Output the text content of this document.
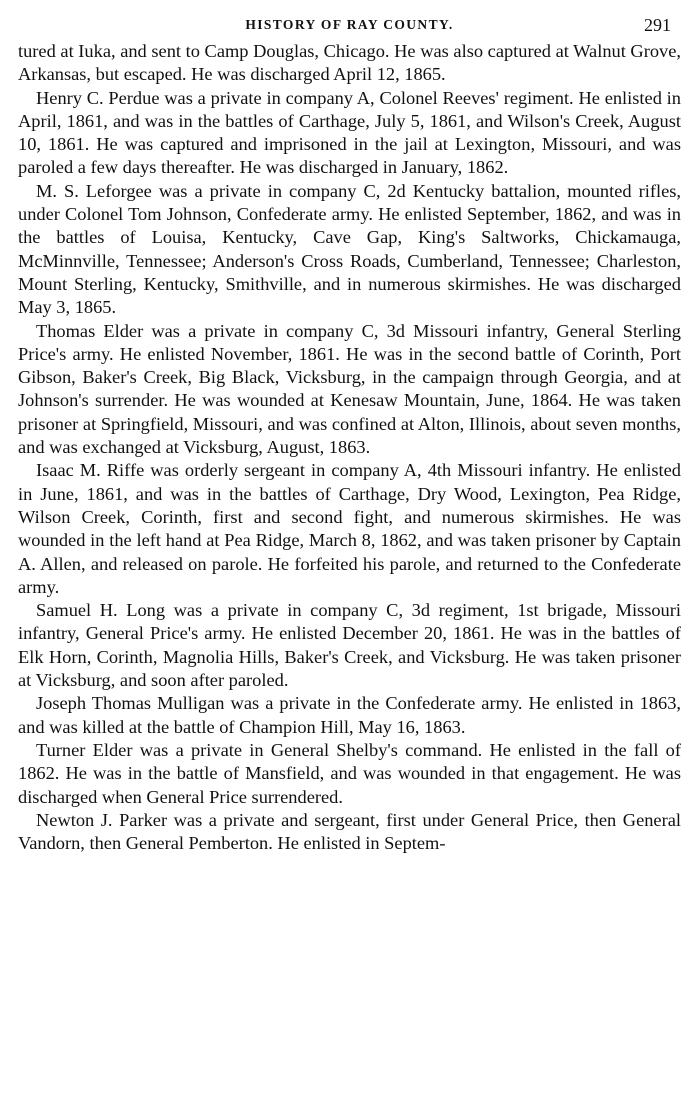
HISTORY OF RAY COUNTY.	291

tured at Iuka, and sent to Camp Douglas, Chicago. He was also captured at Walnut Grove, Arkansas, but escaped. He was discharged April 12, 1865.

Henry C. Perdue was a private in company A, Colonel Reeves' regiment. He enlisted in April, 1861, and was in the battles of Carthage, July 5, 1861, and Wilson's Creek, August 10, 1861. He was captured and imprisoned in the jail at Lexington, Missouri, and was paroled a few days thereafter. He was discharged in January, 1862.

M. S. Leforgee was a private in company C, 2d Kentucky battalion, mounted rifles, under Colonel Tom Johnson, Confederate army. He enlisted September, 1862, and was in the battles of Louisa, Kentucky, Cave Gap, King's Saltworks, Chickamauga, McMinnville, Tennessee; Anderson's Cross Roads, Cumberland, Tennessee; Charleston, Mount Sterling, Kentucky, Smithville, and in numerous skirmishes. He was discharged May 3, 1865.

Thomas Elder was a private in company C, 3d Missouri infantry, General Sterling Price's army. He enlisted November, 1861. He was in the second battle of Corinth, Port Gibson, Baker's Creek, Big Black, Vicksburg, in the campaign through Georgia, and at Johnson's surrender. He was wounded at Kenesaw Mountain, June, 1864. He was taken prisoner at Springfield, Missouri, and was confined at Alton, Illinois, about seven months, and was exchanged at Vicksburg, August, 1863.

Isaac M. Riffe was orderly sergeant in company A, 4th Missouri infantry. He enlisted in June, 1861, and was in the battles of Carthage, Dry Wood, Lexington, Pea Ridge, Wilson Creek, Corinth, first and second fight, and numerous skirmishes. He was wounded in the left hand at Pea Ridge, March 8, 1862, and was taken prisoner by Captain A. Allen, and released on parole. He forfeited his parole, and returned to the Confederate army.

Samuel H. Long was a private in company C, 3d regiment, 1st brigade, Missouri infantry, General Price's army. He enlisted December 20, 1861. He was in the battles of Elk Horn, Corinth, Magnolia Hills, Baker's Creek, and Vicksburg. He was taken prisoner at Vicksburg, and soon after paroled.

Joseph Thomas Mulligan was a private in the Confederate army. He enlisted in 1863, and was killed at the battle of Champion Hill, May 16, 1863.

Turner Elder was a private in General Shelby's command. He enlisted in the fall of 1862. He was in the battle of Mansfield, and was wounded in that engagement. He was discharged when General Price surrendered.

Newton J. Parker was a private and sergeant, first under General Price, then General Vandorn, then General Pemberton. He enlisted in Septem-
